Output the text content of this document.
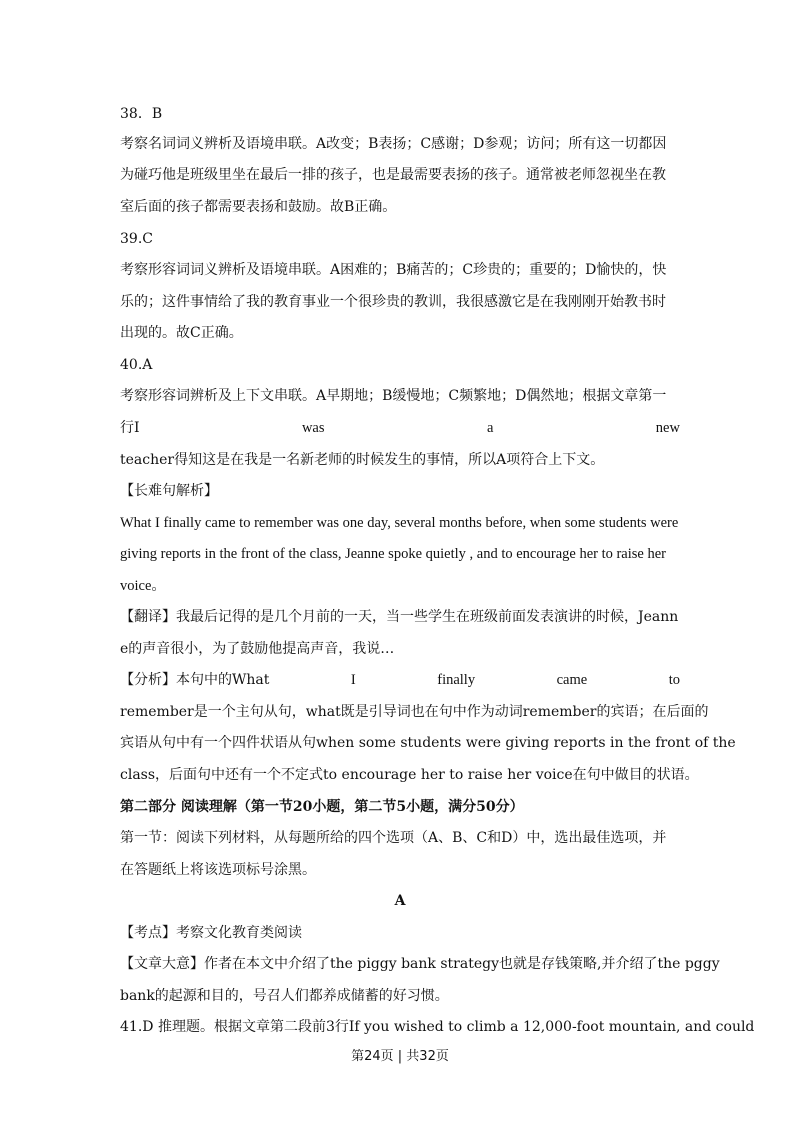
38．B
考察名词词义辨析及语境串联。A改变；B表扬；C感谢；D参观；访问；所有这一切都因
为碰巧他是班级里坐在最后一排的孩子，也是最需要表扬的孩子。通常被老师忽视坐在教
室后面的孩子都需要表扬和鼓励。故B正确。
39.C
考察形容词词义辨析及语境串联。A困难的；B痛苦的；C珍贵的；重要的；D愉快的，快
乐的；这件事情给了我的教育事业一个很珍贵的教训，我很感激它是在我刚刚开始教书时
出现的。故C正确。
40.A
考察形容词辨析及上下文串联。A早期地；B缓慢地；C频繁地；D偶然地；根据文章第一
行I	was	a	new
teacher得知这是在我是一名新老师的时候发生的事情，所以A项符合上下文。
【长难句解析】
What I finally came to remember was one day, several months before, when some students were
giving reports in the front of the class, Jeanne spoke quietly , and to encourage her to raise her
voice。
【翻译】我最后记得的是几个月前的一天，当一些学生在班级前面发表演讲的时候，Jeann
e的声音很小，为了鼓励他提高声音，我说…
【分析】本句中的What	I	finally	came	to
remember是一个主句从句，what既是引导词也在句中作为动词remember的宾语；在后面的
宾语从句中有一个四件状语从句when some students were giving reports in the front of the
class，后面句中还有一个不定式to encourage her to raise her voice在句中做目的状语。
第二部分 阅读理解（第一节20小题，第二节5小题，满分50分）
第一节：阅读下列材料，从每题所给的四个选项（A、B、C和D）中，选出最佳选项，并
在答题纸上将该选项标号涂黑。
A
【考点】考察文化教育类阅读
【文章大意】作者在本文中介绍了the piggy bank strategy也就是存钱策略,并介绍了the pggy
bank的起源和目的，号召人们都养成储蓄的好习惯。
41.D 推理题。根据文章第二段前3行If you wished to climb a 12,000-foot mountain, and could
第24页 | 共32页
